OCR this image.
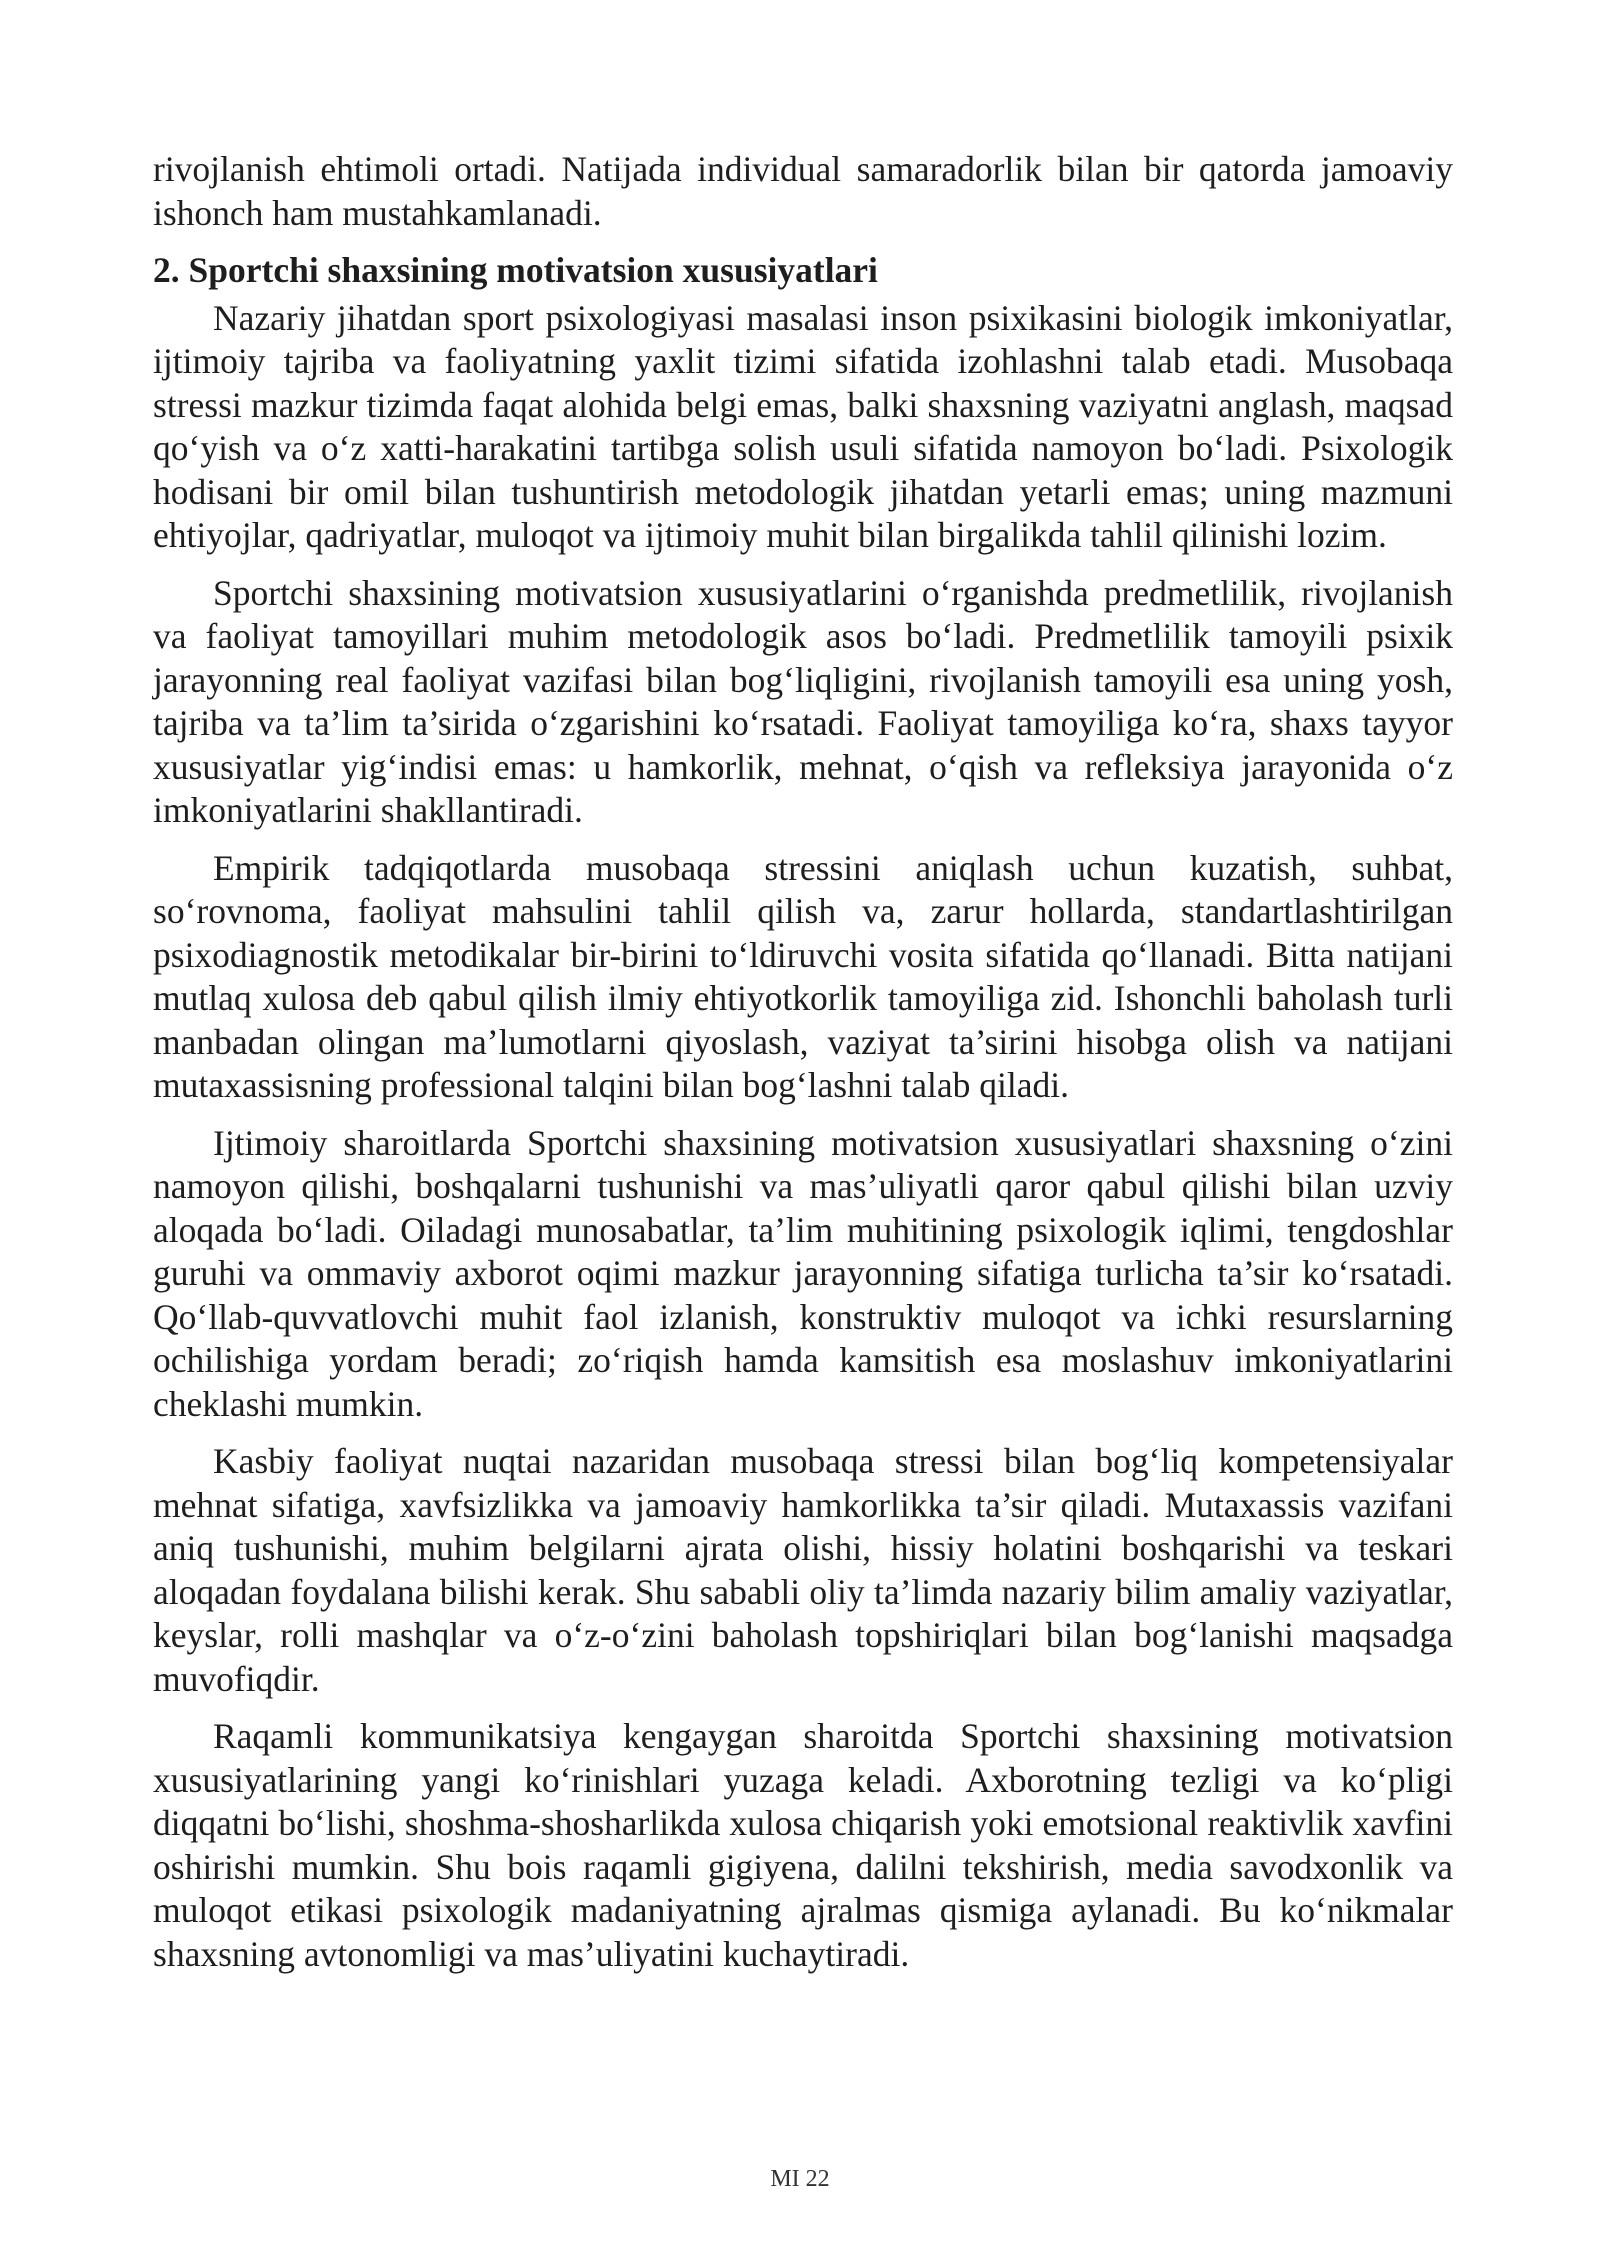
rivojlanish ehtimoli ortadi. Natijada individual samaradorlik bilan bir qatorda jamoaviy ishonch ham mustahkamlanadi.

2. Sportchi shaxsining motivatsion xususiyatlari

Nazariy jihatdan sport psixologiyasi masalasi inson psixikasini biologik imkoniyatlar, ijtimoiy tajriba va faoliyatning yaxlit tizimi sifatida izohlashni talab etadi. Musobaqa stressi mazkur tizimda faqat alohida belgi emas, balki shaxsning vaziyatni anglash, maqsad qo‘yish va o‘z xatti-harakatini tartibga solish usuli sifatida namoyon bo‘ladi. Psixologik hodisani bir omil bilan tushuntirish metodologik jihatdan yetarli emas; uning mazmuni ehtiyojlar, qadriyatlar, muloqot va ijtimoiy muhit bilan birgalikda tahlil qilinishi lozim.

Sportchi shaxsining motivatsion xususiyatlarini o‘rganishda predmetlilik, rivojlanish va faoliyat tamoyillari muhim metodologik asos bo‘ladi. Predmetlilik tamoyili psixik jarayonning real faoliyat vazifasi bilan bog‘liqligini, rivojlanish tamoyili esa uning yosh, tajriba va ta’lim ta’sirida o‘zgarishini ko‘rsatadi. Faoliyat tamoyiliga ko‘ra, shaxs tayyor xususiyatlar yig‘indisi emas: u hamkorlik, mehnat, o‘qish va refleksiya jarayonida o‘z imkoniyatlarini shakllantiradi.

Empirik tadqiqotlarda musobaqa stressini aniqlash uchun kuzatish, suhbat, so‘rovnoma, faoliyat mahsulini tahlil qilish va, zarur hollarda, standartlashtirilgan psixodiagnostik metodikalar bir-birini to‘ldiruvchi vosita sifatida qo‘llanadi. Bitta natijani mutlaq xulosa deb qabul qilish ilmiy ehtiyotkorlik tamoyiliga zid. Ishonchli baholash turli manbadan olingan ma’lumotlarni qiyoslash, vaziyat ta’sirini hisobga olish va natijani mutaxassisning professional talqini bilan bog‘lashni talab qiladi.

Ijtimoiy sharoitlarda Sportchi shaxsining motivatsion xususiyatlari shaxsning o‘zini namoyon qilishi, boshqalarni tushunishi va mas’uliyatli qaror qabul qilishi bilan uzviy aloqada bo‘ladi. Oiladagi munosabatlar, ta’lim muhitining psixologik iqlimi, tengdoshlar guruhi va ommaviy axborot oqimi mazkur jarayonning sifatiga turlicha ta’sir ko‘rsatadi. Qo‘llab-quvvatlovchi muhit faol izlanish, konstruktiv muloqot va ichki resurslarning ochilishiga yordam beradi; zo‘riqish hamda kamsitish esa moslashuv imkoniyatlarini cheklashi mumkin.

Kasbiy faoliyat nuqtai nazaridan musobaqa stressi bilan bog‘liq kompetensiyalar mehnat sifatiga, xavfsizlikka va jamoaviy hamkorlikka ta’sir qiladi. Mutaxassis vazifani aniq tushunishi, muhim belgilarni ajrata olishi, hissiy holatini boshqarishi va teskari aloqadan foydalana bilishi kerak. Shu sababli oliy ta’limda nazariy bilim amaliy vaziyatlar, keyslar, rolli mashqlar va o‘z-o‘zini baholash topshiriqlari bilan bog‘lanishi maqsadga muvofiqdir.

Raqamli kommunikatsiya kengaygan sharoitda Sportchi shaxsining motivatsion xususiyatlarining yangi ko‘rinishlari yuzaga keladi. Axborotning tezligi va ko‘pligi diqqatni bo‘lishi, shoshma-shosharlikda xulosa chiqarish yoki emotsional reaktivlik xavfini oshirishi mumkin. Shu bois raqamli gigiyena, dalilni tekshirish, media savodxonlik va muloqot etikasi psixologik madaniyatning ajralmas qismiga aylanadi. Bu ko‘nikmalar shaxsning avtonomligi va mas’uliyatini kuchaytiradi.

MI 22
